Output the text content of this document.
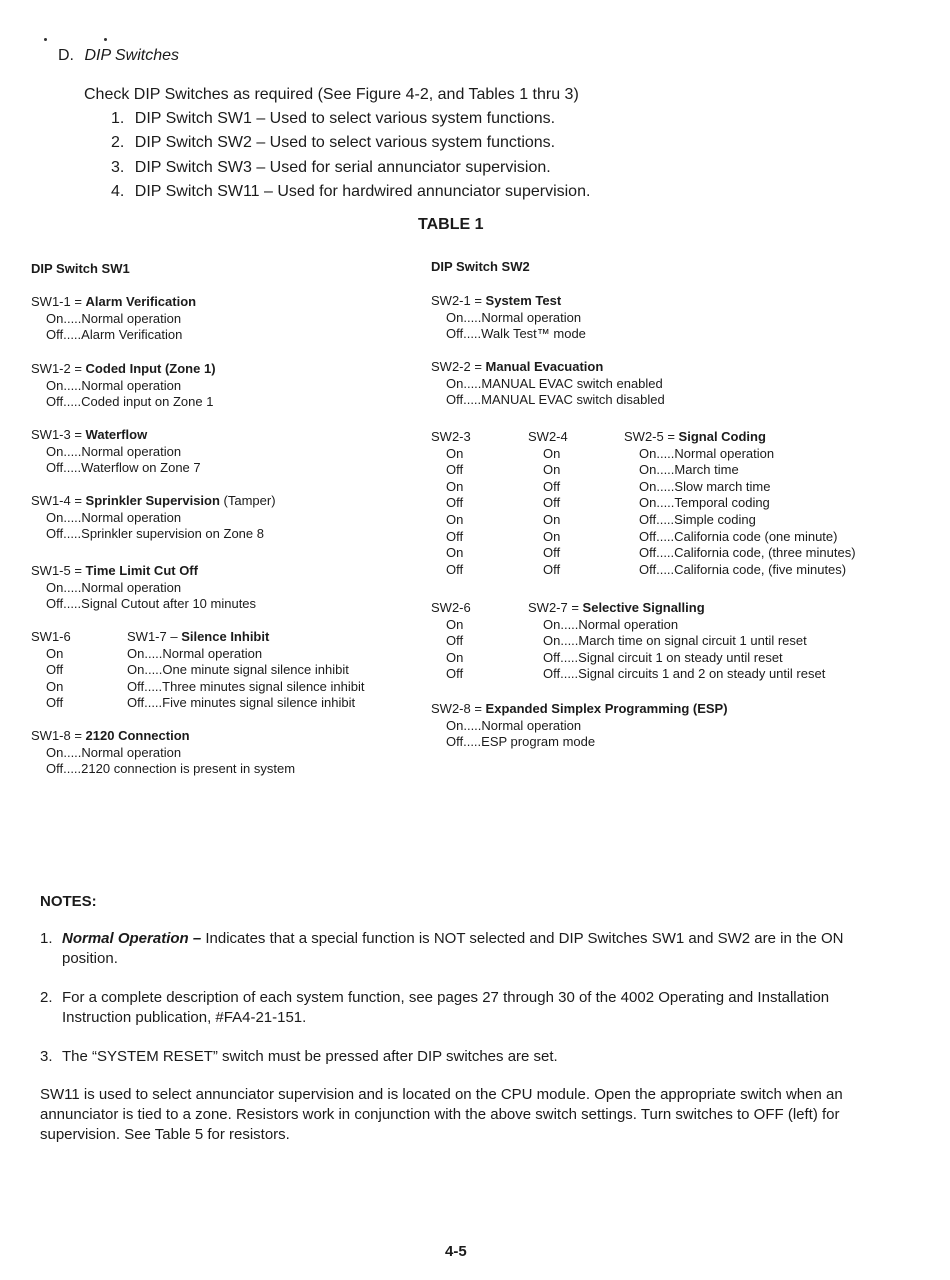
D. DIP Switches
Check DIP Switches as required (See Figure 4-2, and Tables 1 thru 3)
1. DIP Switch SW1 – Used to select various system functions.
2. DIP Switch SW2 – Used to select various system functions.
3. DIP Switch SW3 – Used for serial annunciator supervision.
4. DIP Switch SW11 – Used for hardwired annunciator supervision.
TABLE 1
DIP Switch SW1
SW1-1 = Alarm Verification
On.....Normal operation
Off.....Alarm Verification
SW1-2 = Coded Input (Zone 1)
On.....Normal operation
Off.....Coded input on Zone 1
SW1-3 = Waterflow
On.....Normal operation
Off.....Waterflow on Zone 7
SW1-4 = Sprinkler Supervision (Tamper)
On.....Normal operation
Off.....Sprinkler supervision on Zone 8
SW1-5 = Time Limit Cut Off
On.....Normal operation
Off.....Signal Cutout after 10 minutes
SW1-6	SW1-7 – Silence Inhibit
On	On.....Normal operation
Off	On.....One minute signal silence inhibit
On	Off.....Three minutes signal silence inhibit
Off	Off.....Five minutes signal silence inhibit
SW1-8 = 2120 Connection
On.....Normal operation
Off.....2120 connection is present in system
DIP Switch SW2
SW2-1 = System Test
On.....Normal operation
Off.....Walk Test™ mode
SW2-2 = Manual Evacuation
On.....MANUAL EVAC switch enabled
Off.....MANUAL EVAC switch disabled
SW2-3	SW2-4	SW2-5 = Signal Coding
On	On	On.....Normal operation
Off	On	On.....March time
On	Off	On.....Slow march time
Off	Off	On.....Temporal coding
On	On	Off.....Simple coding
Off	On	Off.....California code (one minute)
On	Off	Off.....California code, (three minutes)
Off	Off	Off.....California code, (five minutes)
SW2-6	SW2-7 = Selective Signalling
On	On.....Normal operation
Off	On.....March time on signal circuit 1 until reset
On	Off.....Signal circuit 1 on steady until reset
Off	Off.....Signal circuits 1 and 2 on steady until reset
SW2-8 = Expanded Simplex Programming (ESP)
On.....Normal operation
Off.....ESP program mode
NOTES:
1. Normal Operation – Indicates that a special function is NOT selected and DIP Switches SW1 and SW2 are in the ON position.
2. For a complete description of each system function, see pages 27 through 30 of the 4002 Operating and Installation Instruction publication, #FA4-21-151.
3. The “SYSTEM RESET” switch must be pressed after DIP switches are set.
SW11 is used to select annunciator supervision and is located on the CPU module. Open the appropriate switch when an annunciator is tied to a zone. Resistors work in conjunction with the above switch settings. Turn switches to OFF (left) for supervision. See Table 5 for resistors.
4-5
